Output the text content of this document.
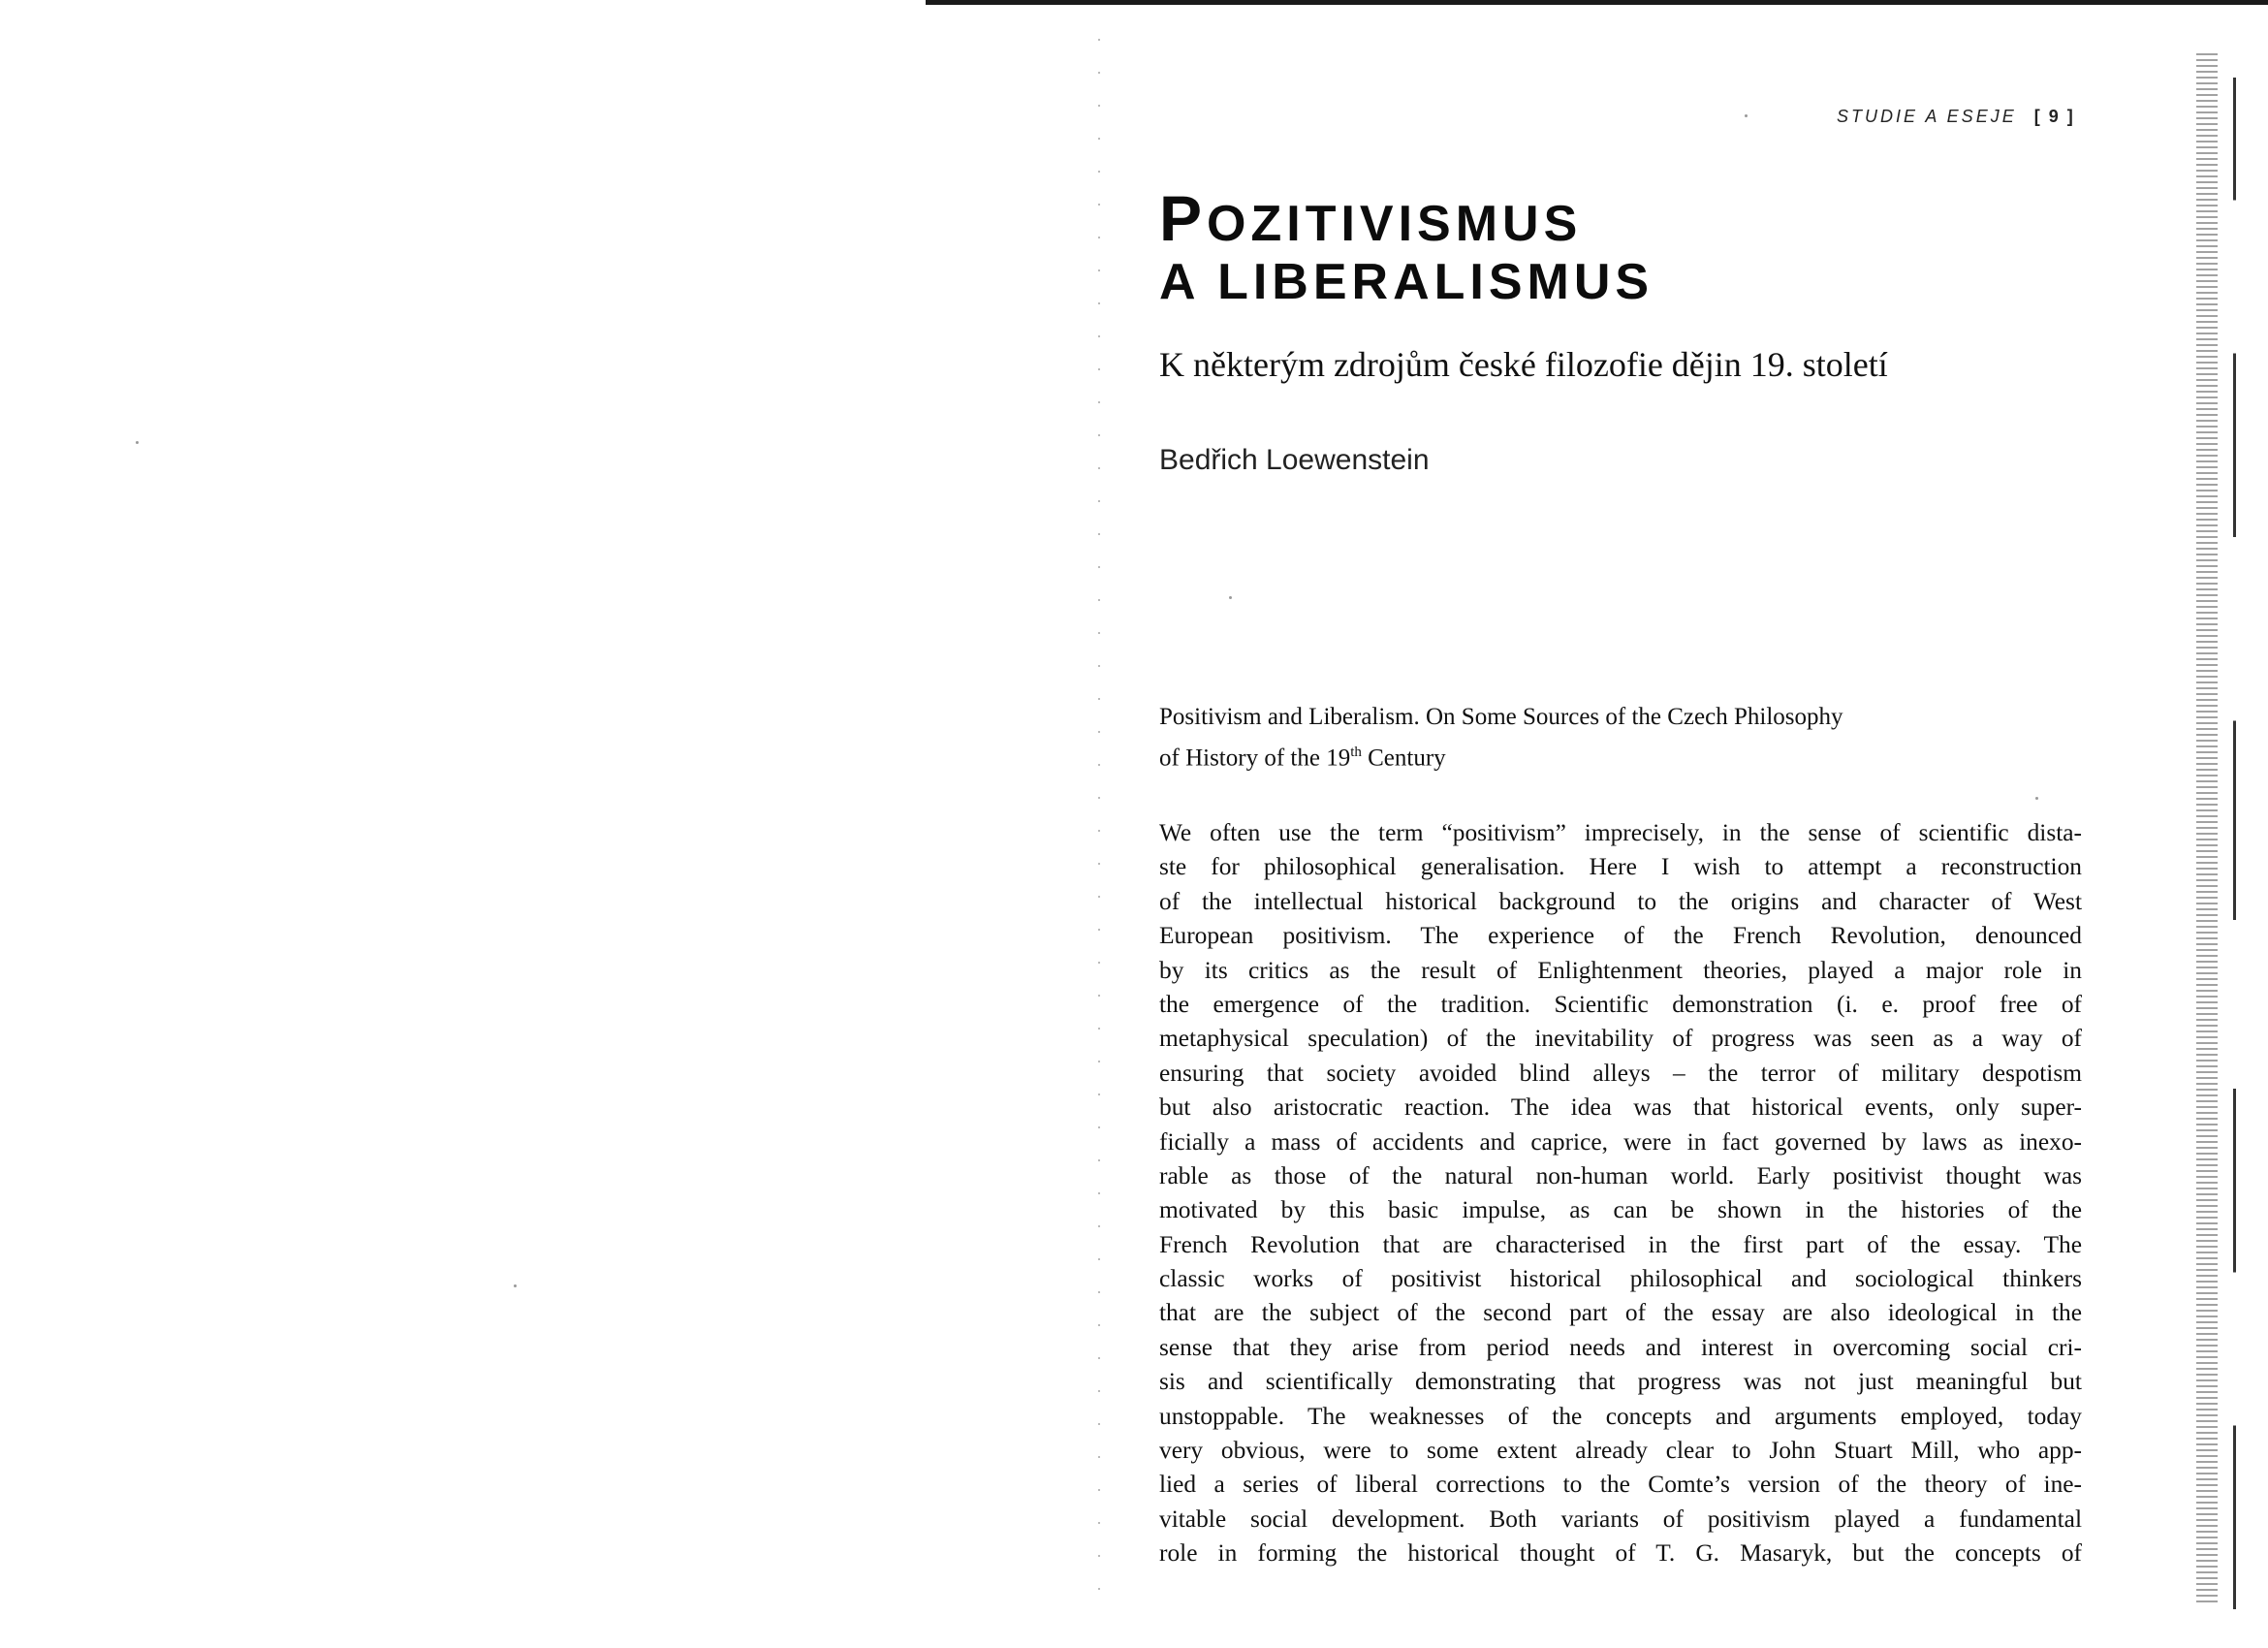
STUDIE A ESEJE [ 9 ]
POZITIVISMUS
A LIBERALISMUS
K některým zdrojům české filozofie dějin 19. století
Bedřich Loewenstein
Positivism and Liberalism. On Some Sources of the Czech Philosophy
of History of the 19th Century
We often use the term “positivism” imprecisely, in the sense of scientific dista-
ste for philosophical generalisation. Here I wish to attempt a reconstruction
of the intellectual historical background to the origins and character of West
European positivism. The experience of the French Revolution, denounced
by its critics as the result of Enlightenment theories, played a major role in
the emergence of the tradition. Scientific demonstration (i. e. proof free of
metaphysical speculation) of the inevitability of progress was seen as a way of
ensuring that society avoided blind alleys – the terror of military despotism
but also aristocratic reaction. The idea was that historical events, only super-
ficially a mass of accidents and caprice, were in fact governed by laws as inexo-
rable as those of the natural non-human world. Early positivist thought was
motivated by this basic impulse, as can be shown in the histories of the
French Revolution that are characterised in the first part of the essay. The
classic works of positivist historical philosophical and sociological thinkers
that are the subject of the second part of the essay are also ideological in the
sense that they arise from period needs and interest in overcoming social cri-
sis and scientifically demonstrating that progress was not just meaningful but
unstoppable. The weaknesses of the concepts and arguments employed, today
very obvious, were to some extent already clear to John Stuart Mill, who app-
lied a series of liberal corrections to the Comte’s version of the theory of ine-
vitable social development. Both variants of positivism played a fundamental
role in forming the historical thought of T. G. Masaryk, but the concepts of
